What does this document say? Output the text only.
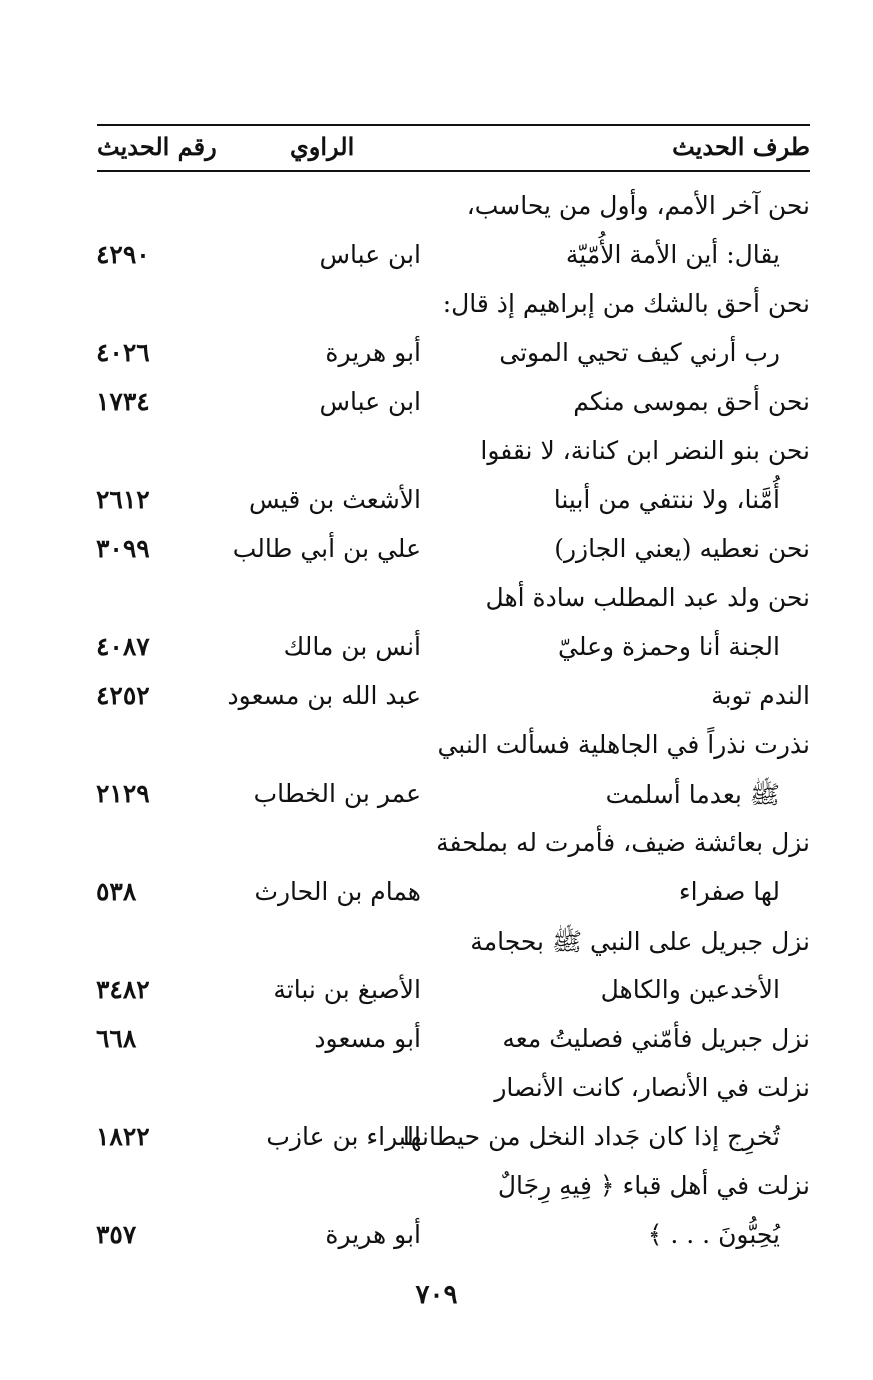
طرف الحديث
الراوي
رقم الحديث
نحن آخر الأمم، وأول من يحاسب،
يقال: أين الأمة الأُمّيّة
ابن عباس
٤٢٩٠
نحن أحق بالشك من إبراهيم إذ قال:
رب أرني كيف تحيي الموتى
أبو هريرة
٤٠٢٦
نحن أحق بموسى منكم
ابن عباس
١٧٣٤
نحن بنو النضر ابن كنانة، لا نقفوا
أُمَّنا، ولا ننتفي من أبينا
الأشعث بن قيس
٢٦١٢
نحن نعطيه (يعني الجازر)
علي بن أبي طالب
٣٠٩٩
نحن ولد عبد المطلب سادة أهل
الجنة أنا وحمزة وعليّ
أنس بن مالك
٤٠٨٧
الندم توبة
عبد الله بن مسعود
٤٢٥٢
نذرت نذراً في الجاهلية فسألت النبي
ﷺ بعدما أسلمت
عمر بن الخطاب
٢١٢٩
نزل بعائشة ضيف، فأمرت له بملحفة
لها صفراء
همام بن الحارث
٥٣٨
نزل جبريل على النبي ﷺ بحجامة
الأخدعين والكاهل
الأصبغ بن نباتة
٣٤٨٢
نزل جبريل فأمّني فصليتُ معه
أبو مسعود
٦٦٨
نزلت في الأنصار، كانت الأنصار
تُخرِج إذا كان جَداد النخل من حيطانها
البراء بن عازب
١٨٢٢
نزلت في أهل قباء ﴿ فِيهِ رِجَالٌ
يُحِبُّونَ . . . ﴾
أبو هريرة
٣٥٧
٧٠٩
